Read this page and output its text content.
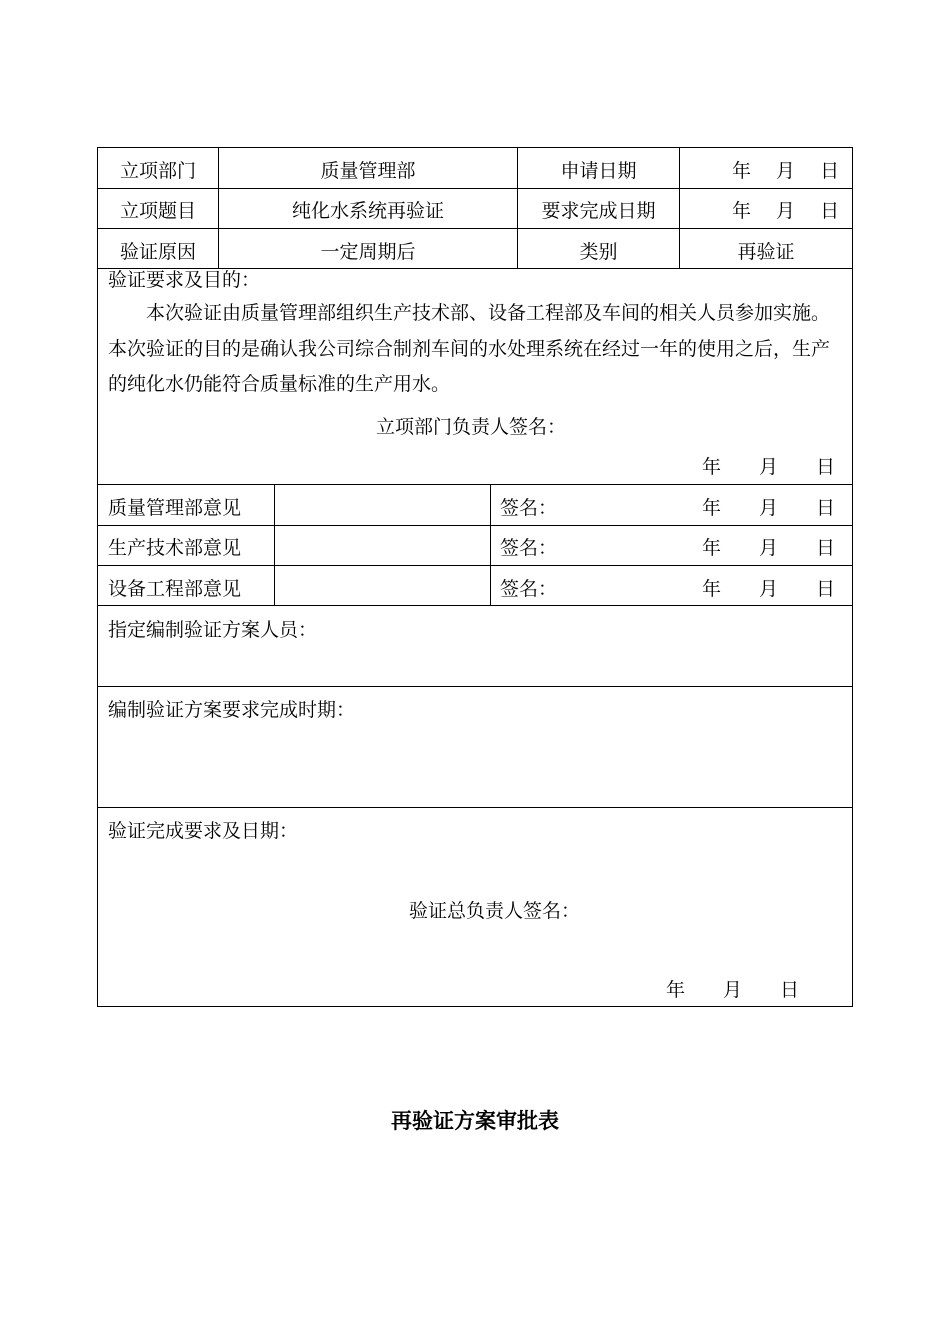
立项部门	质量管理部	申请日期	年　 月　 日
立项题目	纯化水系统再验证	要求完成日期	年　 月　 日
验证原因	一定周期后	类别	再验证
验证要求及目的：
本次验证由质量管理部组织生产技术部、设备工程部及车间的相关人员参加实施。本次验证的目的是确认我公司综合制剂车间的水处理系统在经过一年的使用之后，生产的纯化水仍能符合质量标准的生产用水。
立项部门负责人签名：
年　　月　　日
质量管理部意见	签名：	年　　月　　日
生产技术部意见	签名：	年　　月　　日
设备工程部意见	签名：	年　　月　　日
指定编制验证方案人员：
编制验证方案要求完成时期：
验证完成要求及日期：
验证总负责人签名：
年　　月　　日
再验证方案审批表
